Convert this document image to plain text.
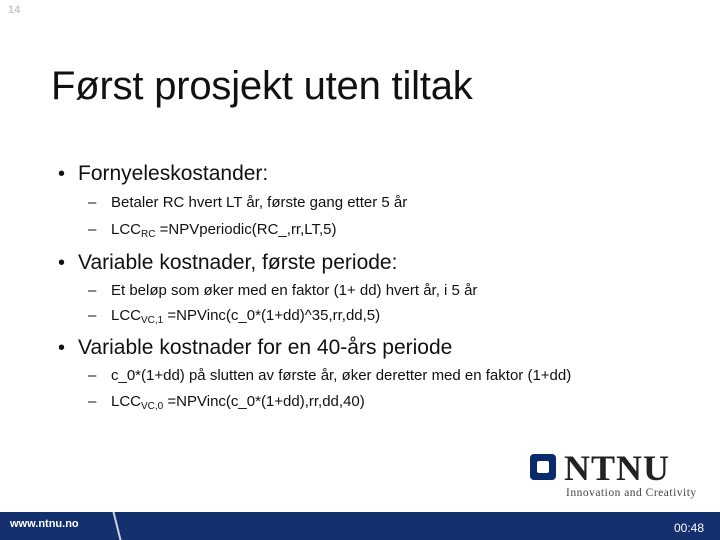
14
Først prosjekt uten tiltak
• Fornyeleskostander:
– Betaler RC hvert LT år, første gang etter 5 år
– $LCC_{RC}$ =NPVperiodic(RC_,rr,LT,5)
• Variable kostnader, første periode:
– Et beløp som øker med en faktor (1+ dd) hvert år, i 5 år
– $LCC_{VC,1}$ =NPVinc(c_0*(1+dd)^35,rr,dd,5)
• Variable kostnader for en 40-års periode
– c_0*(1+dd) på slutten av første år, øker deretter med en faktor (1+dd)
– $LCC_{VC,0}$ =NPVinc(c_0*(1+dd),rr,dd,40)
NTNU
Innovation and Creativity
www.ntnu.no	00:48
